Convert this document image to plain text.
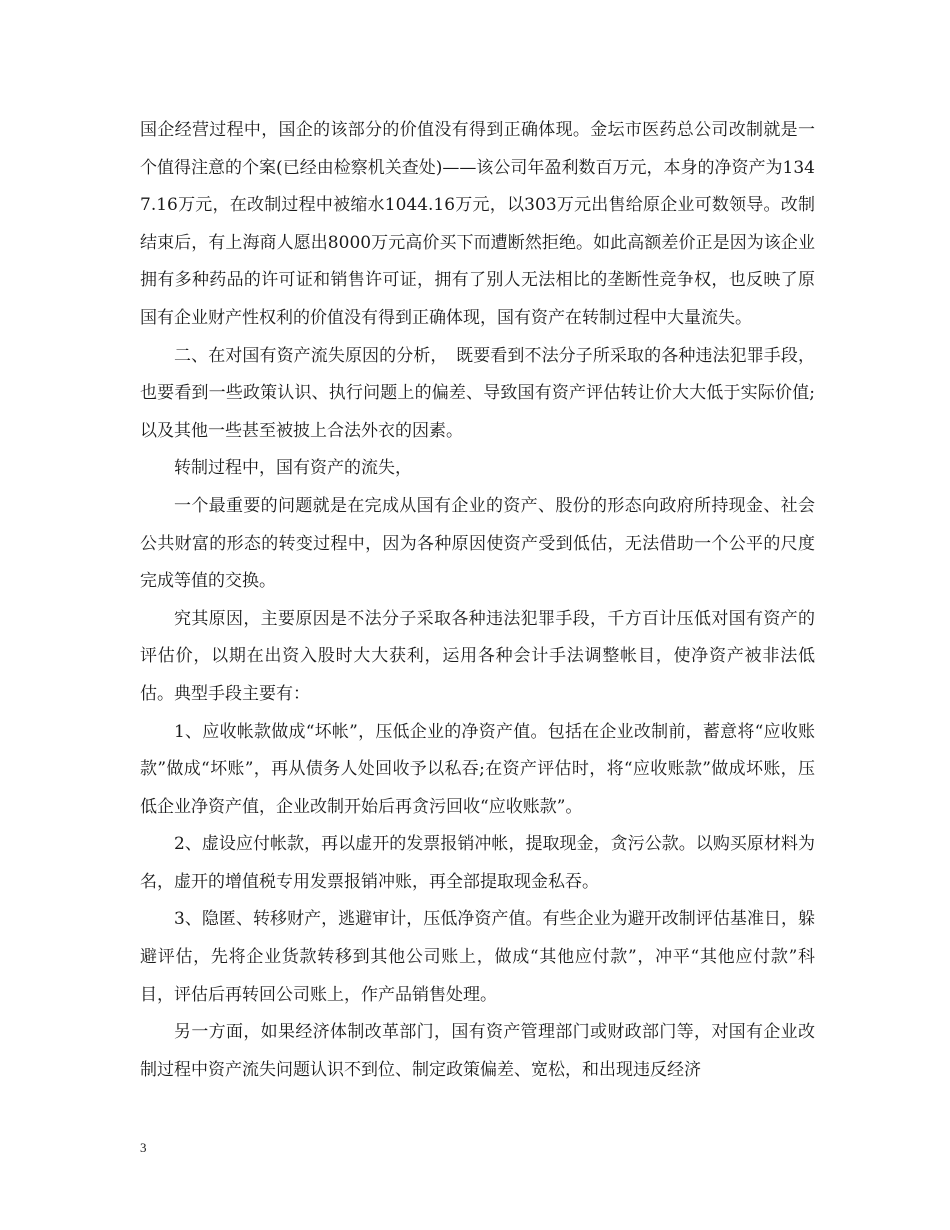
国企经营过程中，国企的该部分的价值没有得到正确体现。金坛市医药总公司改制就是一个值得注意的个案(已经由检察机关查处)——该公司年盈利数百万元，本身的净资产为1347.16万元，在改制过程中被缩水1044.16万元，以303万元出售给原企业可数领导。改制结束后，有上海商人愿出8000万元高价买下而遭断然拒绝。如此高额差价正是因为该企业拥有多种药品的许可证和销售许可证，拥有了别人无法相比的垄断性竞争权，也反映了原国有企业财产性权利的价值没有得到正确体现，国有资产在转制过程中大量流失。

二、在对国有资产流失原因的分析，　既要看到不法分子所采取的各种违法犯罪手段，也要看到一些政策认识、执行问题上的偏差、导致国有资产评估转让价大大低于实际价值;以及其他一些甚至被披上合法外衣的因素。

转制过程中，国有资产的流失，

一个最重要的问题就是在完成从国有企业的资产、股份的形态向政府所持现金、社会公共财富的形态的转变过程中，因为各种原因使资产受到低估，无法借助一个公平的尺度完成等值的交换。

究其原因，主要原因是不法分子采取各种违法犯罪手段，千方百计压低对国有资产的评估价，以期在出资入股时大大获利，运用各种会计手法调整帐目，使净资产被非法低估。典型手段主要有：

1、应收帐款做成“坏帐”，压低企业的净资产值。包括在企业改制前，蓄意将“应收账款”做成“坏账”，再从债务人处回收予以私吞;在资产评估时，将“应收账款”做成坏账，压低企业净资产值，企业改制开始后再贪污回收“应收账款”。

2、虚设应付帐款，再以虚开的发票报销冲帐，提取现金，贪污公款。以购买原材料为名，虚开的增值税专用发票报销冲账，再全部提取现金私吞。

3、隐匿、转移财产，逃避审计，压低净资产值。有些企业为避开改制评估基准日，躲避评估，先将企业货款转移到其他公司账上，做成“其他应付款”，冲平“其他应付款”科目，评估后再转回公司账上，作产品销售处理。

另一方面，如果经济体制改革部门，国有资产管理部门或财政部门等，对国有企业改制过程中资产流失问题认识不到位、制定政策偏差、宽松，和出现违反经济

3
